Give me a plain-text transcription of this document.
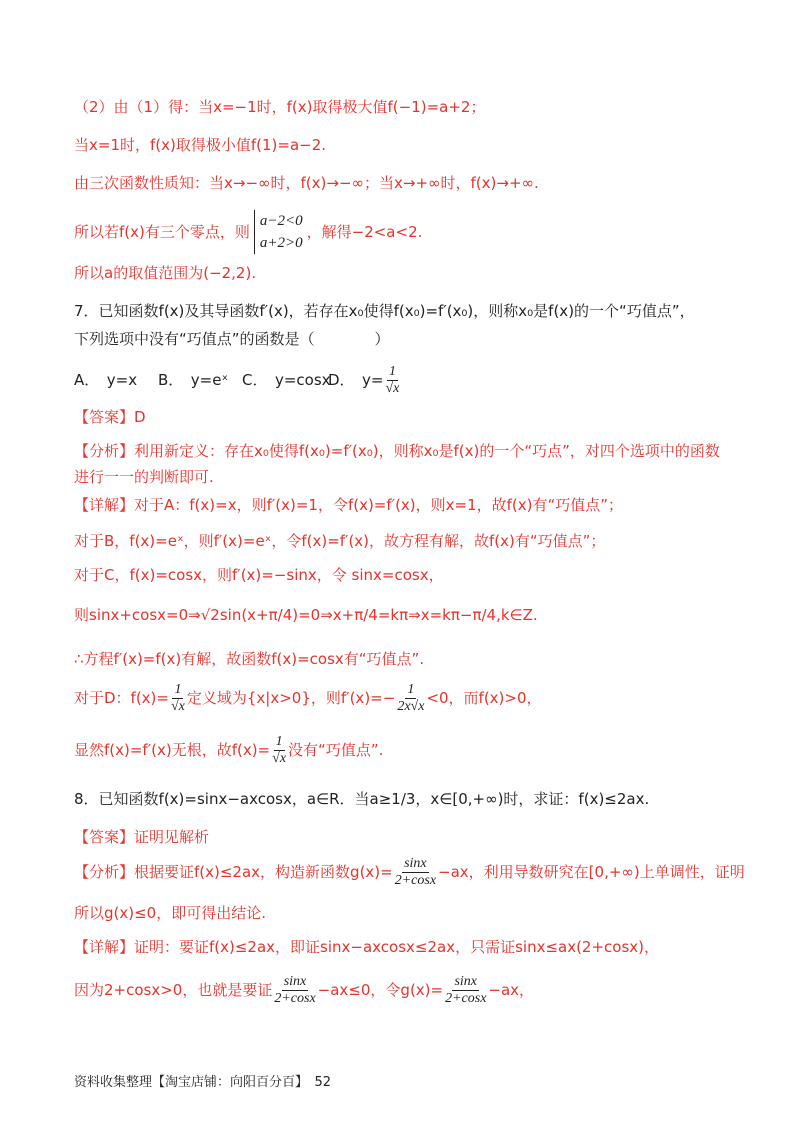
（2）由（1）得：当x=−1时，f(x)取得极大值f(−1)=a+2；
当x=1时，f(x)取得极小值f(1)=a−2.
由三次函数性质知：当x→−∞时，f(x)→−∞；当x→+∞时，f(x)→+∞.
所以若f(x)有三个零点，则
a−2<0
a+2>0
，解得−2<a<2.
所以a的取值范围为(−2,2).
7．已知函数f(x)及其导函数f′(x)，若存在x₀使得f(x₀)=f′(x₀)，则称x₀是f(x)的一个“巧值点”，
下列选项中没有“巧值点”的函数是（　　　　）
A．　y=x	B．　y=eˣ C．　y=cosx
D．　$y= \frac{1}{√x}$
【答案】D
【分析】利用新定义：存在x₀使得f(x₀)=f′(x₀)，则称x₀是f(x)的一个“巧点”，对四个选项中的函数
进行一一的判断即可.
【详解】对于A：f(x)=x，则f′(x)=1，令f(x)=f′(x)，则x=1，故f(x)有“巧值点”；
对于B，f(x)=eˣ，则f′(x)=eˣ，令f(x)=f′(x)，故方程有解，故f(x)有“巧值点”；
对于C，f(x)=cosx，则f′(x)=−sinx，令 sinx=cosx，
则sinx+cosx=0⇒√2sin(x+π/4)=0⇒x+π/4=kπ⇒x=kπ−π/4,k∈Z.
∴方程f′(x)=f(x)有解，故函数f(x)=cosx有“巧值点”.
对于D：$f(x)= \frac{1}{√x}$ 定义域为{x|x>0}，则$f'(x)=- \frac{1}{2x√x} <0$，而f(x)>0，
显然f(x)=f′(x)无根，故$f(x)= \frac{1}{√x}$ 没有“巧值点”.
8．已知函数f(x)=sinx−axcosx，a∈R．当a≥1/3，x∈[0,+∞)时，求证：f(x)≤2ax.
【答案】证明见解析
【分析】根据要证f(x)≤2ax，构造新函数$g(x)= \frac{\sin x}{2+\cos x} -ax$，利用导数研究在[0,+∞)上单调性，证明
所以g(x)≤0，即可得出结论.
【详解】证明：要证f(x)≤2ax，即证sinx−axcosx≤2ax，只需证sinx≤ax(2+cosx)，
因为2+cosx>0，也就是要证 $\frac{\sin x}{2+\cos x} -ax\le 0$，令$g(x)= \frac{\sin x}{2+\cos x} -ax$，
资料收集整理【淘宝店铺：向阳百分百】　52
